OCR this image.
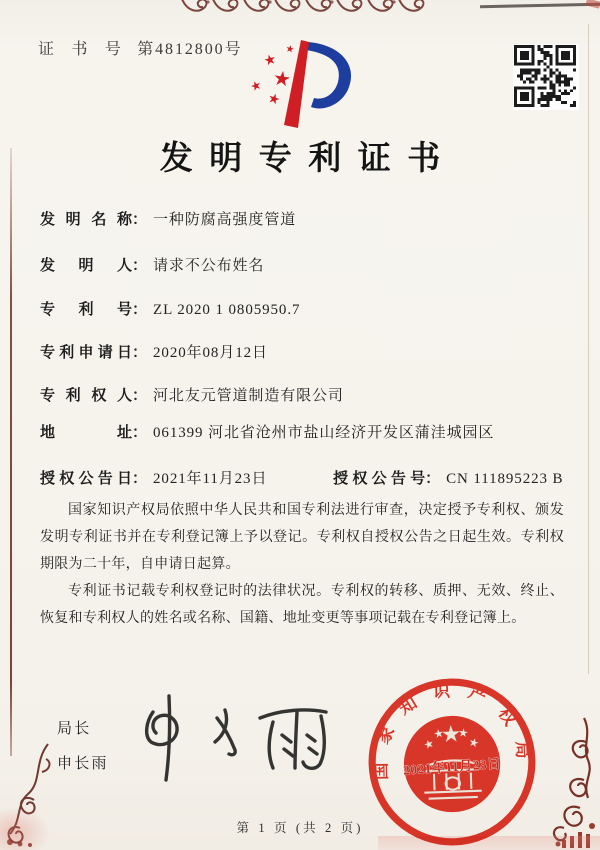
证 书 号 第4812800号
发明专利证书
发明名称： 一种防腐高强度管道
发明人： 请求不公布姓名
专利号： ZL 2020 1 0805950.7
专利申请日： 2020年08月12日
专利权人： 河北友元管道制造有限公司
地址： 061399 河北省沧州市盐山经济开发区蒲洼城园区
授权公告日： 2021年11月23日	授权公告号： CN 111895223 B

国家知识产权局依照中华人民共和国专利法进行审查，决定授予专利权、颁发发明专利证书并在专利登记簿上予以登记。专利权自授权公告之日起生效。专利权期限为二十年，自申请日起算。

专利证书记载专利权登记时的法律状况。专利权的转移、质押、无效、终止、恢复和专利权人的姓名或名称、国籍、地址变更等事项记载在专利登记簿上。

局长
申长雨	国家知识产权局
2021年11月23日
第 1 页 (共 2 页)
